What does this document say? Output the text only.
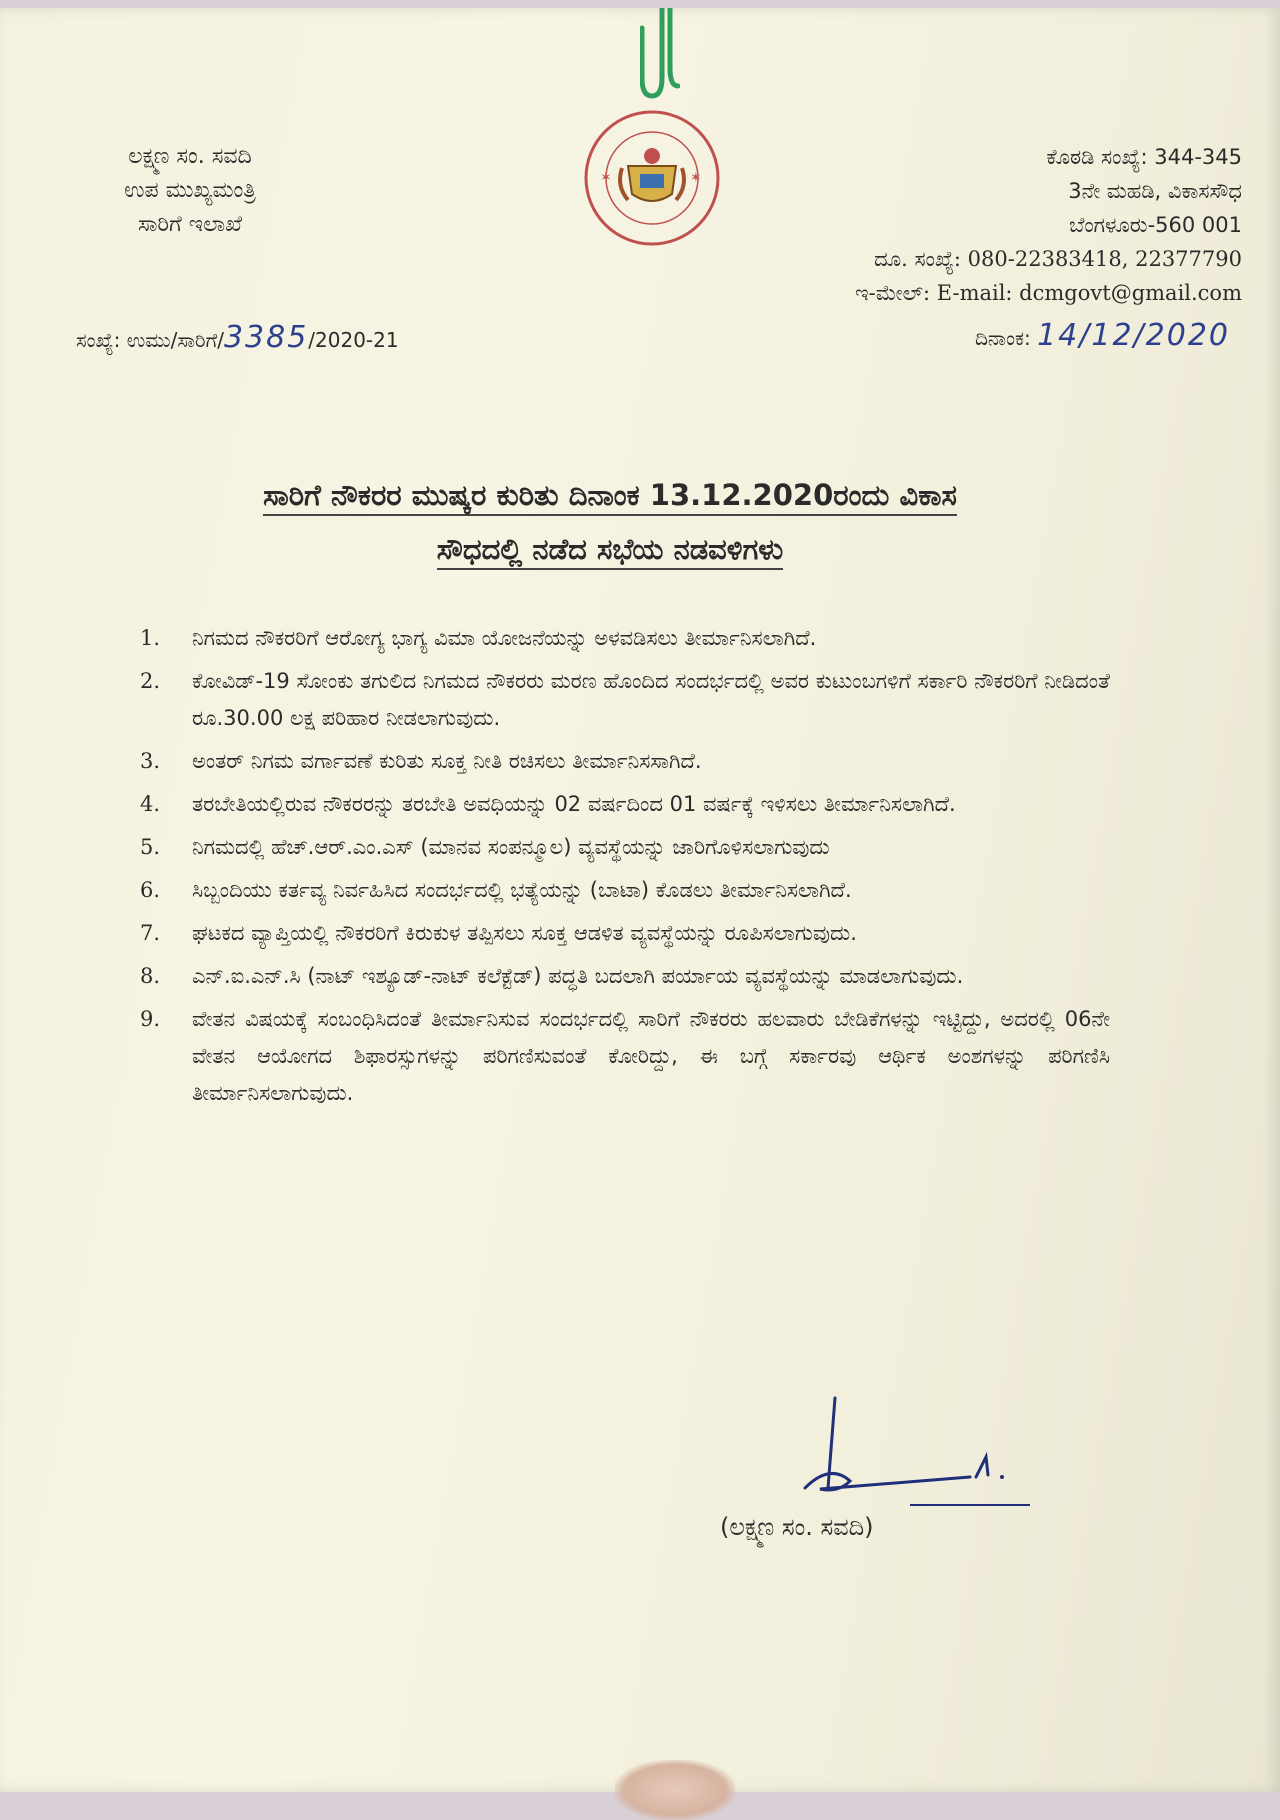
✶	✶
ಲಕ್ಷ್ಮಣ ಸಂ. ಸವದಿ
ಉಪ ಮುಖ್ಯಮಂತ್ರಿ
ಸಾರಿಗೆ ಇಲಾಖೆ
ಕೊಠಡಿ ಸಂಖ್ಯೆ: 344-345
3ನೇ ಮಹಡಿ, ವಿಕಾಸಸೌಧ
ಬೆಂಗಳೂರು-560 001
ದೂ. ಸಂಖ್ಯೆ: 080-22383418, 22377790
ಇ-ಮೇಲ್: E-mail: dcmgovt@gmail.com
ಸಂಖ್ಯೆ: ಉಮು/ಸಾರಿಗೆ/3385/2020-21	ದಿನಾಂಕ: 14/12/2020
ಸಾರಿಗೆ ನೌಕರರ ಮುಷ್ಕರ ಕುರಿತು ದಿನಾಂಕ 13.12.2020ರಂದು ವಿಕಾಸ
ಸೌಧದಲ್ಲಿ ನಡೆದ ಸಭೆಯ ನಡವಳಿಗಳು
1. ನಿಗಮದ ನೌಕರರಿಗೆ ಆರೋಗ್ಯ ಭಾಗ್ಯ ವಿಮಾ ಯೋಜನೆಯನ್ನು ಅಳವಡಿಸಲು ತೀರ್ಮಾನಿಸಲಾಗಿದೆ.
2. ಕೋವಿಡ್-19 ಸೋಂಕು ತಗುಲಿದ ನಿಗಮದ ನೌಕರರು ಮರಣ ಹೊಂದಿದ ಸಂದರ್ಭದಲ್ಲಿ ಅವರ ಕುಟುಂಬಗಳಿಗೆ ಸರ್ಕಾರಿ ನೌಕರರಿಗೆ ನೀಡಿದಂತೆ ರೂ.30.00 ಲಕ್ಷ ಪರಿಹಾರ ನೀಡಲಾಗುವುದು.
3. ಅಂತರ್ ನಿಗಮ ವರ್ಗಾವಣೆ ಕುರಿತು ಸೂಕ್ತ ನೀತಿ ರಚಿಸಲು ತೀರ್ಮಾನಿಸಸಾಗಿದೆ.
4. ತರಬೇತಿಯಲ್ಲಿರುವ ನೌಕರರನ್ನು ತರಬೇತಿ ಅವಧಿಯನ್ನು 02 ವರ್ಷದಿಂದ 01 ವರ್ಷಕ್ಕೆ ಇಳಿಸಲು ತೀರ್ಮಾನಿಸಲಾಗಿದೆ.
5. ನಿಗಮದಲ್ಲಿ ಹೆಚ್.ಆರ್.ಎಂ.ಎಸ್ (ಮಾನವ ಸಂಪನ್ಮೂಲ) ವ್ಯವಸ್ಥೆಯನ್ನು ಜಾರಿಗೊಳಿಸಲಾಗುವುದು
6. ಸಿಬ್ಬಂದಿಯು ಕರ್ತವ್ಯ ನಿರ್ವಹಿಸಿದ ಸಂದರ್ಭದಲ್ಲಿ ಭತ್ಯೆಯನ್ನು (ಬಾಟಾ) ಕೊಡಲು ತೀರ್ಮಾನಿಸಲಾಗಿದೆ.
7. ಘಟಕದ ವ್ಯಾಪ್ತಿಯಲ್ಲಿ ನೌಕರರಿಗೆ ಕಿರುಕುಳ ತಪ್ಪಿಸಲು ಸೂಕ್ತ ಆಡಳಿತ ವ್ಯವಸ್ಥೆಯನ್ನು ರೂಪಿಸಲಾಗುವುದು.
8. ಎನ್.ಐ.ಎನ್.ಸಿ (ನಾಟ್ ಇಶ್ಯೂಡ್-ನಾಟ್ ಕಲೆಕ್ಟೆಡ್) ಪದ್ಧತಿ ಬದಲಾಗಿ ಪರ್ಯಾಯ ವ್ಯವಸ್ಥೆಯನ್ನು ಮಾಡಲಾಗುವುದು.
9. ವೇತನ ವಿಷಯಕ್ಕೆ ಸಂಬಂಧಿಸಿದಂತೆ ತೀರ್ಮಾನಿಸುವ ಸಂದರ್ಭದಲ್ಲಿ ಸಾರಿಗೆ ನೌಕರರು ಹಲವಾರು ಬೇಡಿಕೆಗಳನ್ನು ಇಟ್ಟಿದ್ದು, ಅದರಲ್ಲಿ 06ನೇ ವೇತನ ಆಯೋಗದ ಶಿಫಾರಸ್ಸುಗಳನ್ನು ಪರಿಗಣಿಸುವಂತೆ ಕೋರಿದ್ದು, ಈ ಬಗ್ಗೆ ಸರ್ಕಾರವು ಆರ್ಥಿಕ ಅಂಶಗಳನ್ನು ಪರಿಗಣಿಸಿ ತೀರ್ಮಾನಿಸಲಾಗುವುದು.
(ಲಕ್ಷ್ಮಣ ಸಂ. ಸವದಿ)
